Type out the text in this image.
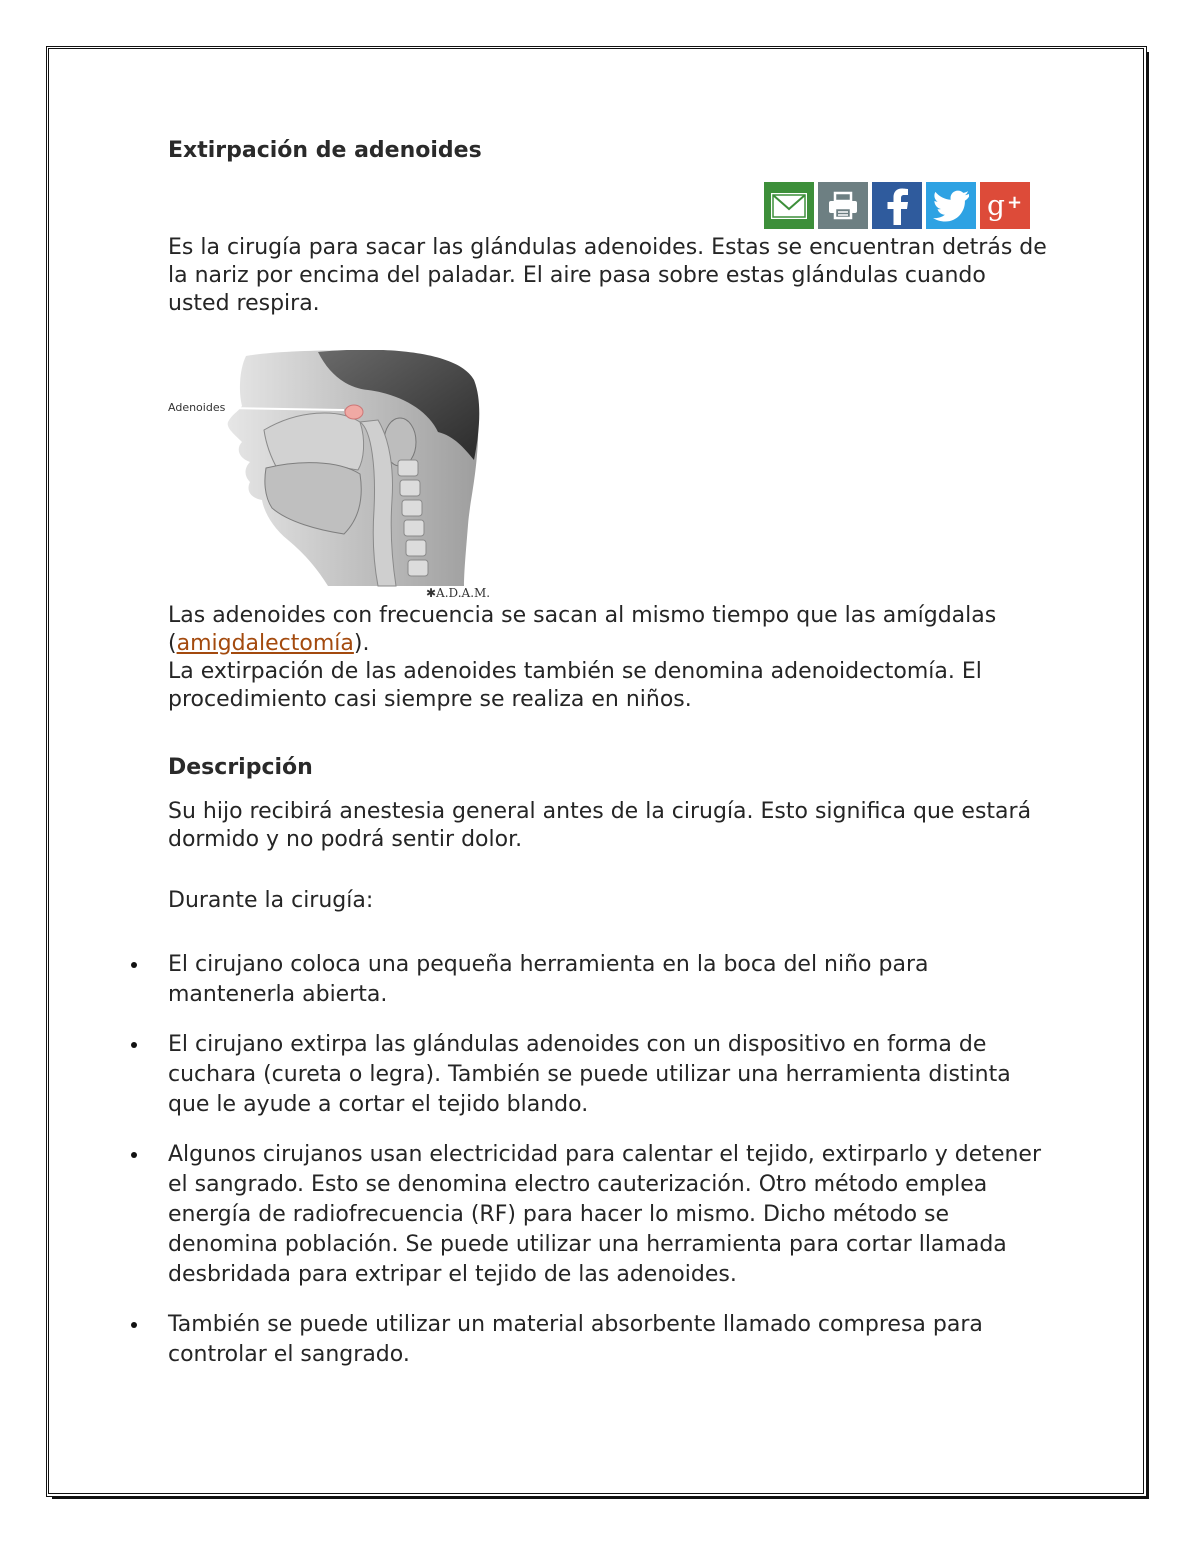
Extirpación de adenoides
g +

Es la cirugía para sacar las glándulas adenoides. Estas se encuentran detrás de la nariz por encima del paladar. El aire pasa sobre estas glándulas cuando usted respira.

Adenoides
✱A.D.A.M.

Las adenoides con frecuencia se sacan al mismo tiempo que las amígdalas (amigdalectomía).
La extirpación de las adenoides también se denomina adenoidectomía. El procedimiento casi siempre se realiza en niños.

Descripción

Su hijo recibirá anestesia general antes de la cirugía. Esto significa que estará dormido y no podrá sentir dolor.

Durante la cirugía:

El cirujano coloca una pequeña herramienta en la boca del niño para mantenerla abierta.
El cirujano extirpa las glándulas adenoides con un dispositivo en forma de cuchara (cureta o legra). También se puede utilizar una herramienta distinta que le ayude a cortar el tejido blando.
Algunos cirujanos usan electricidad para calentar el tejido, extirparlo y detener el sangrado. Esto se denomina electro cauterización. Otro método emplea energía de radiofrecuencia (RF) para hacer lo mismo. Dicho método se denomina población. Se puede utilizar una herramienta para cortar llamada desbridada para extripar el tejido de las adenoides.
También se puede utilizar un material absorbente llamado compresa para controlar el sangrado.
